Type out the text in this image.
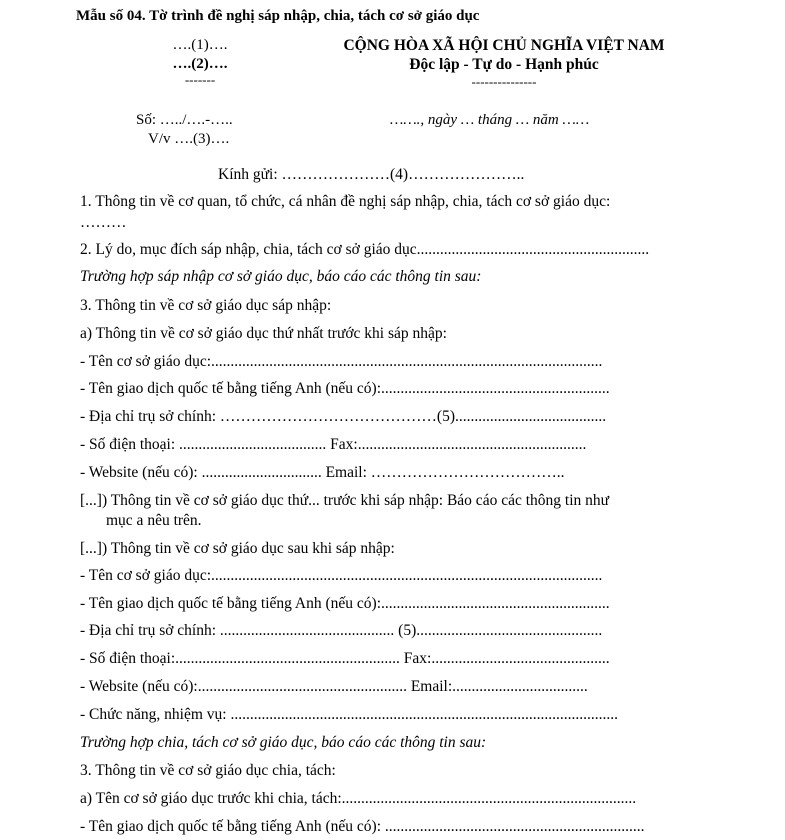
Mẫu số 04. Tờ trình đề nghị sáp nhập, chia, tách cơ sở giáo dục
….(1)….
….(2)….
-------
CỘNG HÒA XÃ HỘI CHỦ NGHĨA VIỆT NAM
Độc lập - Tự do - Hạnh phúc
---------------
Số: …../….-…..
V/v ….(3)….
……., ngày … tháng … năm ……
Kính gửi: …………………(4)…………………..
1. Thông tin về cơ quan, tổ chức, cá nhân đề nghị sáp nhập, chia, tách cơ sở giáo dục:
………
2. Lý do, mục đích sáp nhập, chia, tách cơ sở giáo dục............................................................
Trường hợp sáp nhập cơ sở giáo dục, báo cáo các thông tin sau:
3. Thông tin về cơ sở giáo dục sáp nhập:
a) Thông tin về cơ sở giáo dục thứ nhất trước khi sáp nhập:
- Tên cơ sở giáo dục:.....................................................................................................
- Tên giao dịch quốc tế bằng tiếng Anh (nếu có):...........................................................
- Địa chỉ trụ sở chính: ……………………………………(5).......................................
- Số điện thoại: ...................................... Fax:...........................................................
- Website (nếu có): ............................... Email: ………………………………..
[...]) Thông tin về cơ sở giáo dục thứ... trước khi sáp nhập: Báo cáo các thông tin như
mục a nêu trên.
[...]) Thông tin về cơ sở giáo dục sau khi sáp nhập:
- Tên cơ sở giáo dục:.....................................................................................................
- Tên giao dịch quốc tế bằng tiếng Anh (nếu có):...........................................................
- Địa chỉ trụ sở chính: ............................................. (5)................................................
- Số điện thoại:.......................................................... Fax:..............................................
- Website (nếu có):...................................................... Email:...................................
- Chức năng, nhiệm vụ: ....................................................................................................
Trường hợp chia, tách cơ sở giáo dục, báo cáo các thông tin sau:
3. Thông tin về cơ sở giáo dục chia, tách:
a) Tên cơ sở giáo dục trước khi chia, tách:............................................................................
- Tên giao dịch quốc tế bằng tiếng Anh (nếu có): ...................................................................
